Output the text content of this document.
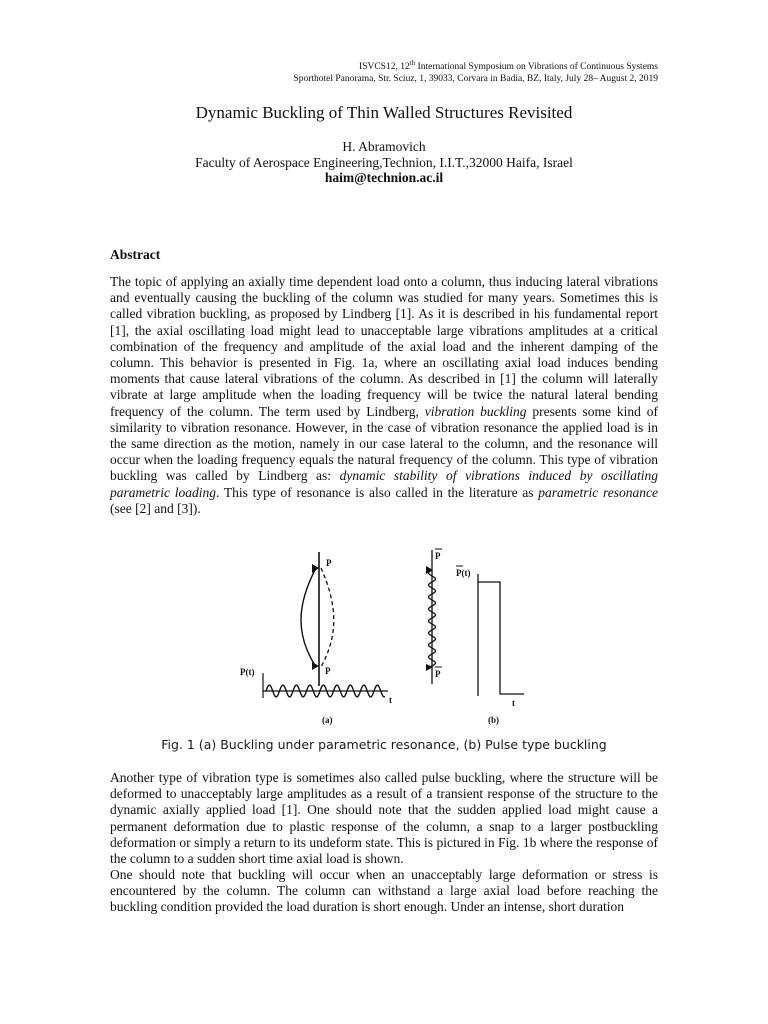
ISVCS12, 12th International Symposium on Vibrations of Continuous Systems
Sporthotel Panorama, Str. Sciuz, 1, 39033, Corvara in Badia, BZ, Italy, July 28– August 2, 2019
Dynamic Buckling of Thin Walled Structures Revisited
H. Abramovich
Faculty of Aerospace Engineering,Technion, I.I.T.,32000 Haifa, Israel
haim@technion.ac.il
Abstract

The topic of applying an axially time dependent load onto a column, thus inducing lateral vibrations and eventually causing the buckling of the column was studied for many years. Sometimes this is called vibration buckling, as proposed by Lindberg [1]. As it is described in his fundamental report [1], the axial oscillating load might lead to unacceptable large vibrations amplitudes at a critical combination of the frequency and amplitude of the axial load and the inherent damping of the column. This behavior is presented in Fig. 1a, where an oscillating axial load induces bending moments that cause lateral vibrations of the column. As described in [1] the column will laterally vibrate at large amplitude when the loading frequency will be twice the natural lateral bending frequency of the column. The term used by Lindberg, vibration buckling presents some kind of similarity to vibration resonance. However, in the case of vibration resonance the applied load is in the same direction as the motion, namely in our case lateral to the column, and the resonance will occur when the loading frequency equals the natural frequency of the column. This type of vibration buckling was called by Lindberg as: dynamic stability of vibrations induced by oscillating parametric loading. This type of resonance is also called in the literature as parametric resonance (see [2] and [3]).

P
P
P(t)
t
P
P
P(t)
t
(a)	(b)
Fig. 1 (a) Buckling under parametric resonance, (b) Pulse type buckling

Another type of vibration type is sometimes also called pulse buckling, where the structure will be deformed to unacceptably large amplitudes as a result of a transient response of the structure to the dynamic axially applied load [1]. One should note that the sudden applied load might cause a permanent deformation due to plastic response of the column, a snap to a larger postbuckling deformation or simply a return to its undeform state. This is pictured in Fig. 1b where the response of the column to a sudden short time axial load is shown.

One should note that buckling will occur when an unacceptably large deformation or stress is encountered by the column. The column can withstand a large axial load before reaching the buckling condition provided the load duration is short enough. Under an intense, short duration
